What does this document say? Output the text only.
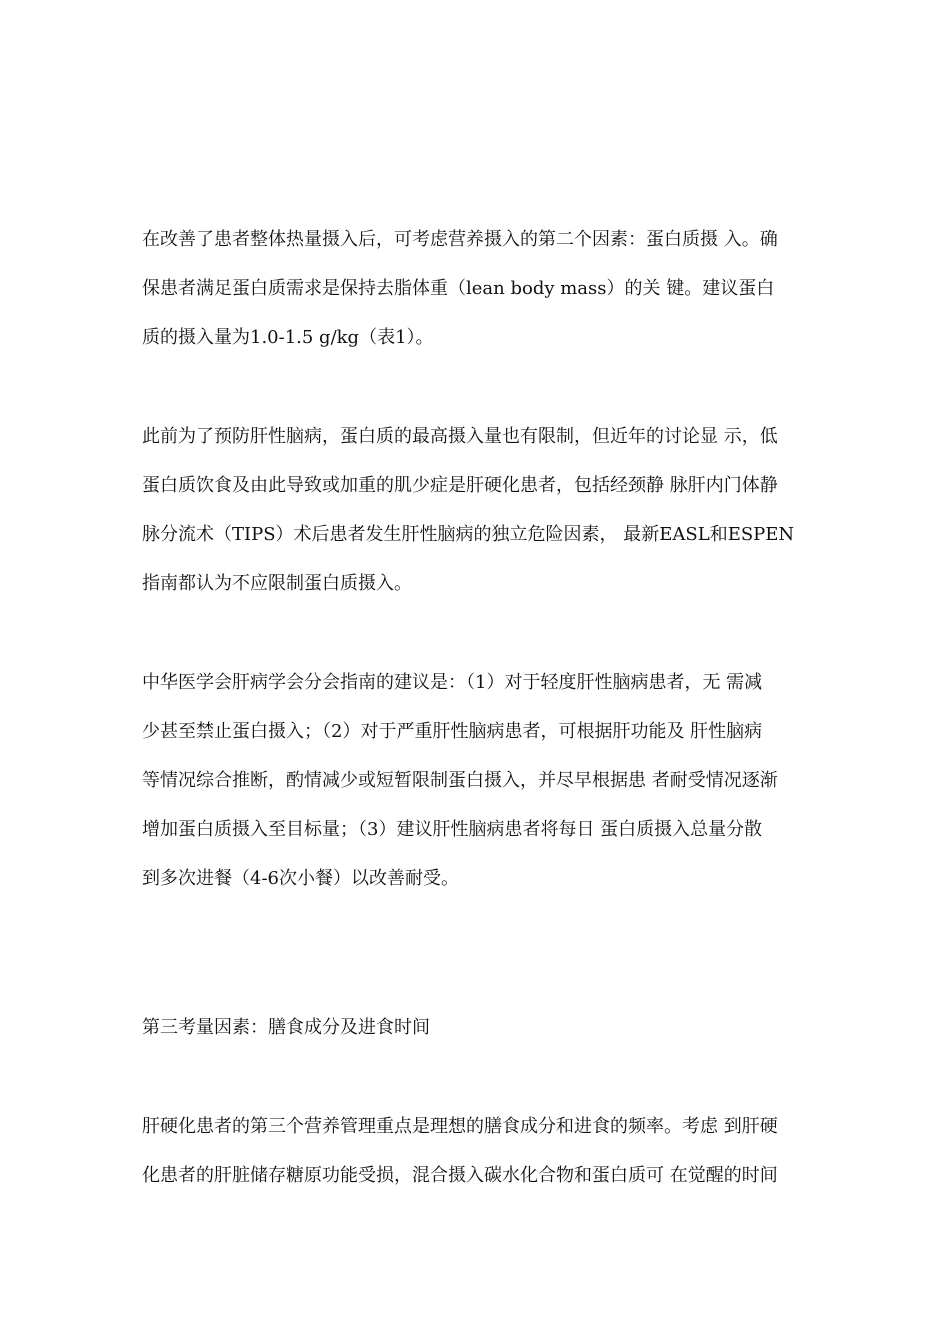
在改善了患者整体热量摄入后，可考虑营养摄入的第二个因素：蛋白质摄 入。确
保患者满足蛋白质需求是保持去脂体重（lean body mass）的关 键。建议蛋白
质的摄入量为1.0-1.5 g/kg（表1）。
此前为了预防肝性脑病，蛋白质的最高摄入量也有限制，但近年的讨论显 示，低
蛋白质饮食及由此导致或加重的肌少症是肝硬化患者，包括经颈静 脉肝内门体静
脉分流术（TIPS）术后患者发生肝性脑病的独立危险因素， 最新EASL和ESPEN
指南都认为不应限制蛋白质摄入。
中华医学会肝病学会分会指南的建议是：（1）对于轻度肝性脑病患者，无 需减
少甚至禁止蛋白摄入；（2）对于严重肝性脑病患者，可根据肝功能及 肝性脑病
等情况综合推断，酌情减少或短暂限制蛋白摄入，并尽早根据患 者耐受情况逐渐
增加蛋白质摄入至目标量；（3）建议肝性脑病患者将每日 蛋白质摄入总量分散
到多次进餐（4-6次小餐）以改善耐受。
第三考量因素：膳食成分及进食时间
肝硬化患者的第三个营养管理重点是理想的膳食成分和进食的频率。考虑 到肝硬
化患者的肝脏储存糖原功能受损，混合摄入碳水化合物和蛋白质可 在觉醒的时间
